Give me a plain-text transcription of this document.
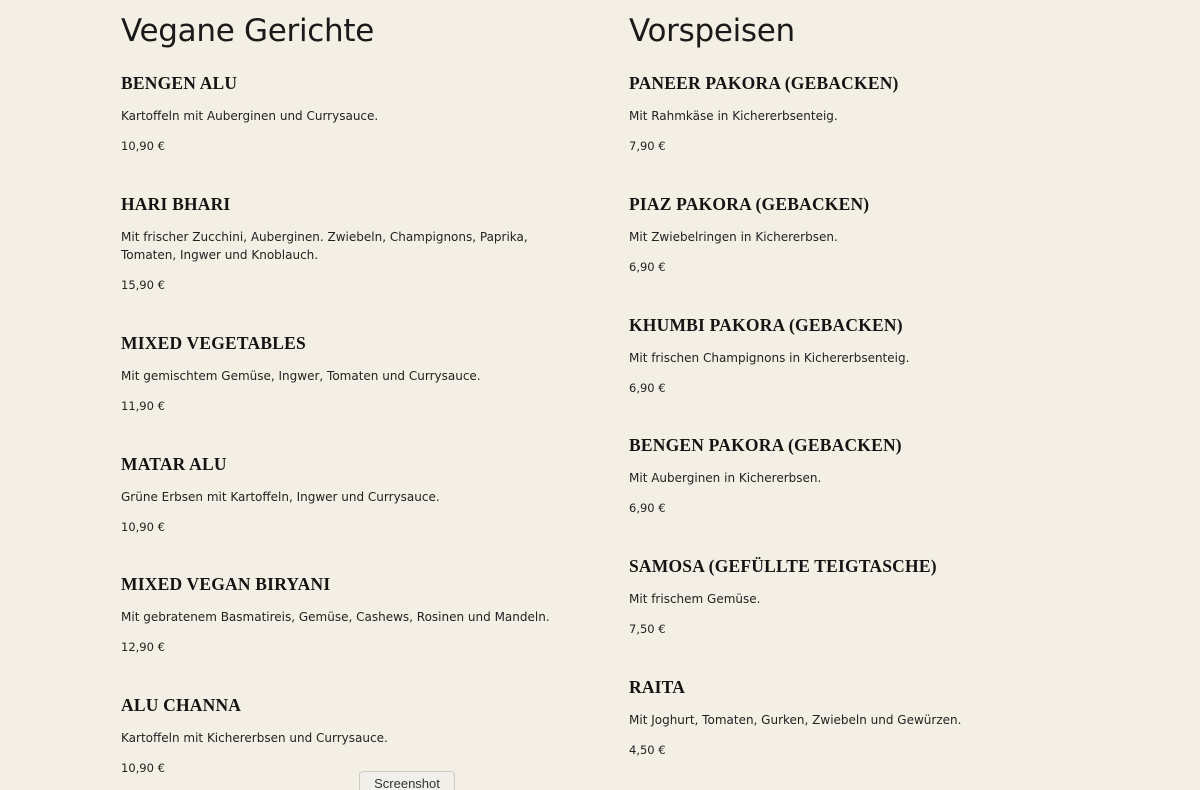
Vegane Gerichte
BENGEN ALU

Kartoffeln mit Auberginen und Currysauce.

10,90 €

HARI BHARI

Mit frischer Zucchini, Auberginen. Zwiebeln, Champignons, Paprika, Tomaten, Ingwer und Knoblauch.

15,90 €

MIXED VEGETABLES

Mit gemischtem Gemüse, Ingwer, Tomaten und Currysauce.

11,90 €

MATAR ALU

Grüne Erbsen mit Kartoffeln, Ingwer und Currysauce.

10,90 €

MIXED VEGAN BIRYANI

Mit gebratenem Basmatireis, Gemüse, Cashews, Rosinen und Mandeln.

12,90 €

ALU CHANNA

Kartoffeln mit Kichererbsen und Currysauce.

10,90 €

Vorspeisen
PANEER PAKORA (GEBACKEN)

Mit Rahmkäse in Kichererbsenteig.

7,90 €

PIAZ PAKORA (GEBACKEN)

Mit Zwiebelringen in Kichererbsen.

6,90 €

KHUMBI PAKORA (GEBACKEN)

Mit frischen Champignons in Kichererbsenteig.

6,90 €

BENGEN PAKORA (GEBACKEN)

Mit Auberginen in Kichererbsen.

6,90 €

SAMOSA (GEFÜLLTE TEIGTASCHE)

Mit frischem Gemüse.

7,50 €

RAITA

Mit Joghurt, Tomaten, Gurken, Zwiebeln und Gewürzen.

4,50 €

Screenshot
